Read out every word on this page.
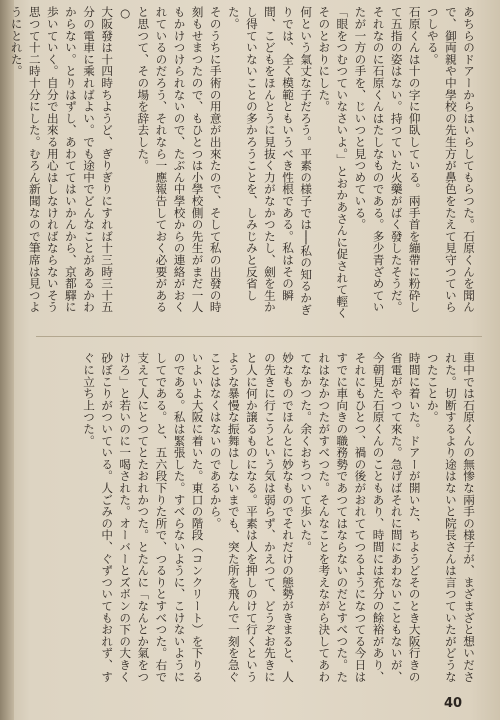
あちらのドアーからはいらしてもらつた。石原くんを聞んで、御両親や中學校の先生方が鼻色をたえて見守つていらつしやる。

石原くんは十の字に仰臥している。兩手首を繃帶に粉砕して五指の姿はない。持つていた火藥がばく發したそうだ。それなのに石原くんはたしなものである。多少青ざめていたが一方の手を、じいつと見つめている。

「眼をつむつていなさいよ。」とおかあさんに促されて輕くそのとおりにした。

何という氣丈な子だろう。平素の様子では──私の知るかぎりでは、全く模範ともいうべき性根である。私はその瞬間、こどもをほんとうに見抜く力がなかつたし、劍を生かし得ていないことの多かろうことを、しみじみと反省した。

そのうちに手術の用意が出來たので、そして私の出發の時刻もせまつたので、もひとつは小學校側の先生がまだ一人もかけつけられないので、たぶん中學校からの連絡がおくれているのだろう、それなら一應報告しておく必要があると思つて、その場を辞去した。

○

大阪發は十四時ちようど、ぎりぎりにすれば十三時三十五分の電車に乘ればよい。でも途中でどんなことがあるかわからない。とりはずし、あわててはいかんから、京都驛に歩いていく。自分で出來る用心はしなければならないそう思つて十二時十分にした。むろん新聞なので筆席は見つようにとれた。

車中では石原くんの無惨な兩手の様子が、まざまざと想いだされた。切断するより途はないと院長さんは言つていたがどうなつたことか。

時間に着いた。ドアーが開いた、ちようどそのとき大阪行きの省電がやつて來た。急げばそれに間にあわないこともないが、今朝見た石原くんのこともあり、時間には充分の餘裕があり、それにもひとつ、禍の後がおれててつるようになつてる今日はすでに車向きの職務勢であつてはならないのだとすべつた。たれはなかつたがすべつた。そんなことを考えながら決してあわてなかつた。余くおちついて歩いた。

妙なものでほんとに妙なものでそれだけの態勢がきまると、人の先きに行こうという気は弱らず、かえつて、どうぞお先きにと人に何か譲るものになる。平素は人を押しのけて行くというような暴慢な振舞はしないまでも、突た所を飛んで一刻を急ぐことはなくはないのであるから。

いよいよ大阪に着いた。東口の階段（コンクリート）を下りるのである。私は緊張した。すべらないように、こけないようにしてである。と、五六段下りた所で、つるりとすべつた。右で支えて人にとつてとたおれかつた。とたんに「なんとか氣をつけろ」と若いのに一喝された。オーバーとズボンの下の大きく砂ぼこりがついている。人ごみの中、ぐずついてもおれず、すぐに立ち上つた。

40
